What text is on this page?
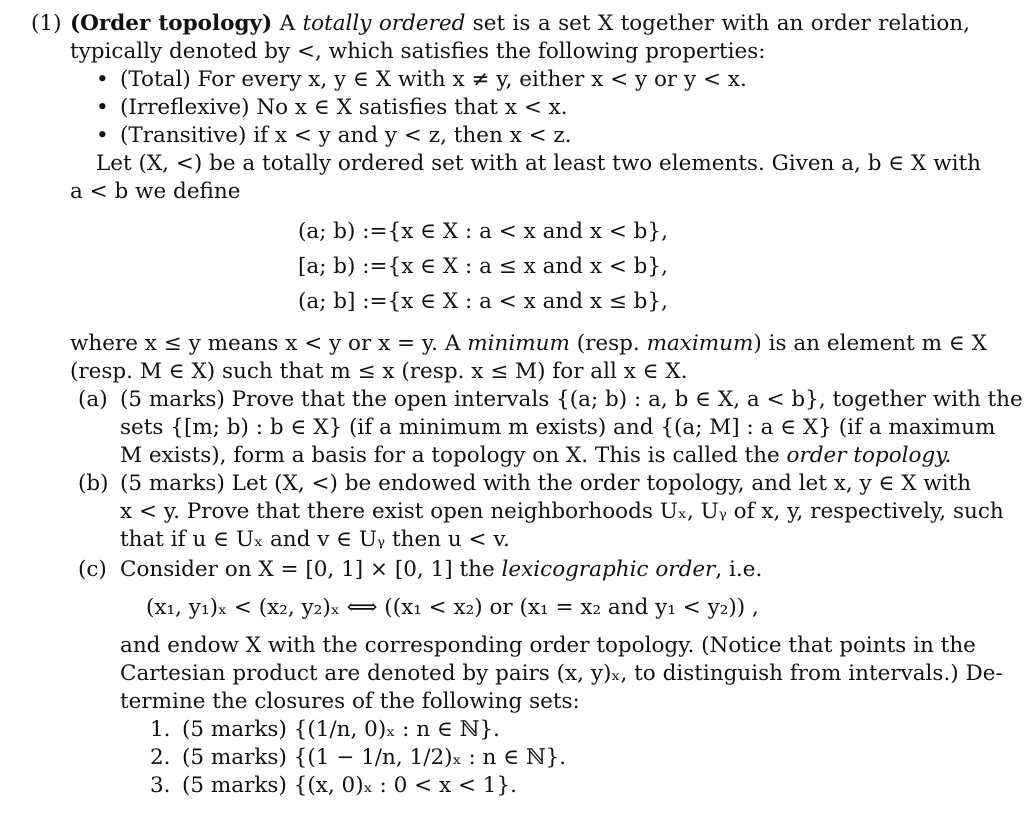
(1) (Order topology) A totally ordered set is a set X together with an order relation,
typically denoted by <, which satisfies the following properties:
• (Total) For every x, y ∈ X with x ≠ y, either x < y or y < x.
• (Irreflexive) No x ∈ X satisfies that x < x.
• (Transitive) if x < y and y < z, then x < z.
Let (X, <) be a totally ordered set with at least two elements. Given a, b ∈ X with
a < b we define
(a; b) :={x ∈ X : a < x and x < b},
[a; b) :={x ∈ X : a ≤ x and x < b},
(a; b] :={x ∈ X : a < x and x ≤ b},
where x ≤ y means x < y or x = y. A minimum (resp. maximum) is an element m ∈ X
(resp. M ∈ X) such that m ≤ x (resp. x ≤ M) for all x ∈ X.
(a) (5 marks) Prove that the open intervals {(a; b) : a, b ∈ X, a < b}, together with the
sets {[m; b) : b ∈ X} (if a minimum m exists) and {(a; M] : a ∈ X} (if a maximum
M exists), form a basis for a topology on X. This is called the order topology.
(b) (5 marks) Let (X, <) be endowed with the order topology, and let x, y ∈ X with
x < y. Prove that there exist open neighborhoods Uₓ, Uᵧ of x, y, respectively, such
that if u ∈ Uₓ and v ∈ Uᵧ then u < v.
(c) Consider on X = [0, 1] × [0, 1] the lexicographic order, i.e.
(x₁, y₁)ₓ < (x₂, y₂)ₓ ⟺ ((x₁ < x₂) or (x₁ = x₂ and y₁ < y₂)) ,
and endow X with the corresponding order topology. (Notice that points in the
Cartesian product are denoted by pairs (x, y)ₓ, to distinguish from intervals.) De-
termine the closures of the following sets:
1. (5 marks) {(1/n, 0)ₓ : n ∈ ℕ}.
2. (5 marks) {(1 − 1/n, 1/2)ₓ : n ∈ ℕ}.
3. (5 marks) {(x, 0)ₓ : 0 < x < 1}.
